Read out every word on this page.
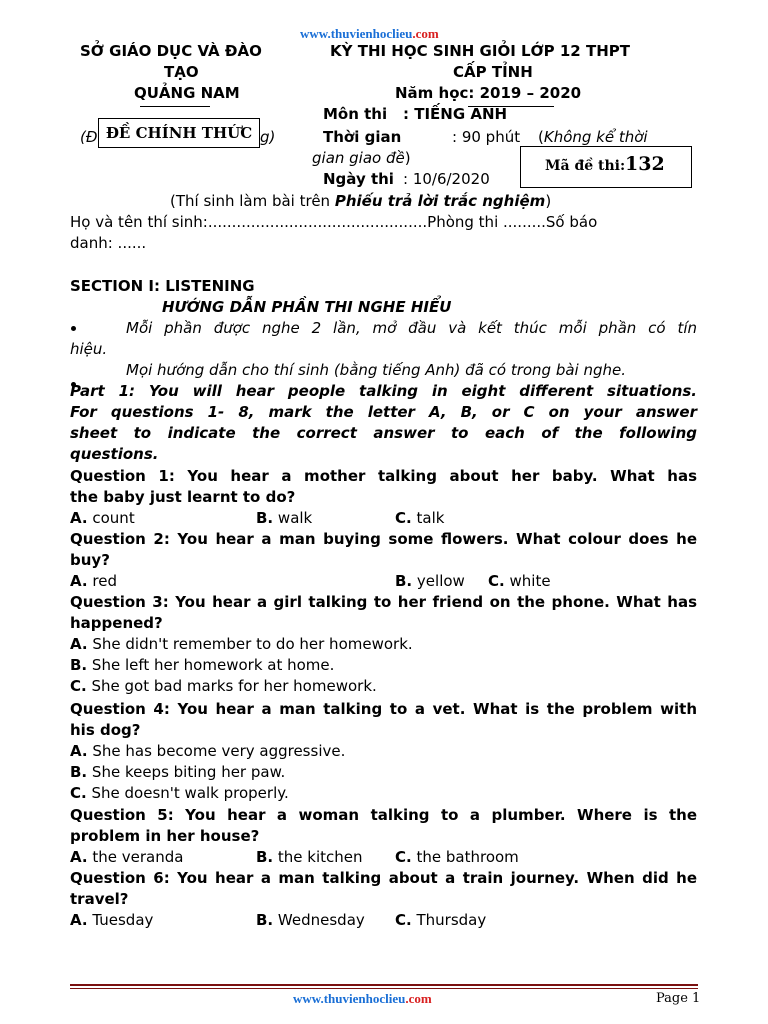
www.thuvienhoclieu.com
SỞ GIÁO DỤC VÀ ĐÀO
TẠO
QUẢNG NAM
(Đ	g)
ĐỀ CHÍNH THỨC
KỲ THI HỌC SINH GIỎI LỚP 12 THPT
CẤP TỈNH
Năm học: 2019 – 2020
Môn thi : TIẾNG ANH
Thời gian	: 90 phút (Không kể thời
gian giao đề)	Mã đề thi: 132
Ngày thi : 10/6/2020
(Thí sinh làm bài trên Phiếu trả lời trắc nghiệm)
Họ và tên thí sinh:..............................................Phòng thi .........Số báo
danh: ......
SECTION I: LISTENING
HƯỚNG DẪN PHẦN THI NGHE HIỂU
Mỗi phần được nghe 2 lần, mở đầu và kết thúc mỗi phần có tín
hiệu.
Mọi hướng dẫn cho thí sinh (bằng tiếng Anh) đã có trong bài nghe.
Part 1: You will hear people talking in eight different situations.
For questions 1- 8, mark the letter A, B, or C on your answer
sheet to indicate the correct answer to each of the following
questions.
Question 1: You hear a mother talking about her baby. What has
the baby just learnt to do?
A. count	B. walk	C. talk
Question 2: You hear a man buying some flowers. What colour does he
buy?
A. red	B. yellow C. white
Question 3: You hear a girl talking to her friend on the phone. What has
happened?
A. She didn't remember to do her homework.
B. She left her homework at home.
C. She got bad marks for her homework.
Question 4: You hear a man talking to a vet. What is the problem with
his dog?
A. She has become very aggressive.
B. She keeps biting her paw.
C. She doesn't walk properly.
Question 5: You hear a woman talking to a plumber. Where is the
problem in her house?
A. the veranda	B. the kitchen C. the bathroom
Question 6: You hear a man talking about a train journey. When did he
travel?
A. Tuesday	B. Wednesday C. Thursday
www.thuvienhoclieu.com	Page 1
